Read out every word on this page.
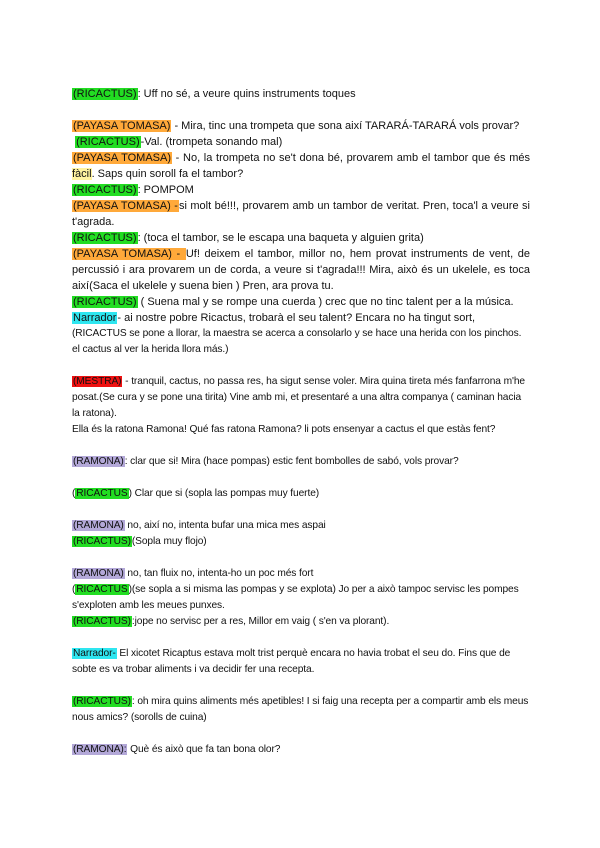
(RICACTUS): Uff no sé, a veure quins instruments toques

(PAYASA TOMASA) - Mira, tinc una trompeta que sona així TARARÁ-TARARÁ vols provar?

(RICACTUS)-Val. (trompeta sonando mal)

(PAYASA TOMASA) - No, la trompeta no se't dona bé, provarem amb el tambor que és més fàcil. Saps quin soroll fa el tambor?

(RICACTUS): POMPOM

(PAYASA TOMASA) -si molt bé!!!, provarem amb un tambor de veritat. Pren, toca'l a veure si t'agrada.

(RICACTUS): (toca el tambor, se le escapa una baqueta y alguien grita)

(PAYASA TOMASA) - Uf! deixem el tambor, millor no, hem provat instruments de vent, de percussió i ara provarem un de corda, a veure si t'agrada!!! Mira, això és un ukelele, es toca així(Saca el ukelele y suena bien ) Pren, ara prova tu.

(RICACTUS) ( Suena mal y se rompe una cuerda ) crec que no tinc talent per a la música.

Narrador- ai nostre pobre Ricactus, trobarà el seu talent? Encara no ha tingut sort,

(RICACTUS se pone a llorar, la maestra se acerca a consolarlo y se hace una herida con los pinchos. el cactus al ver la herida llora más.)

(MESTRA) - tranquil, cactus, no passa res, ha sigut sense voler. Mira quina tireta més fanfarrona m'he posat.(Se cura y se pone una tirita) Vine amb mi, et presentaré a una altra companya ( caminan hacia la ratona).

Ella és la ratona Ramona! Qué fas ratona Ramona? li pots ensenyar a cactus el que estàs fent?

(RAMONA): clar que si! Mira (hace pompas) estic fent bombolles de sabó, vols provar?

(RICACTUS) Clar que si (sopla las pompas muy fuerte)

(RAMONA) no, així no, intenta bufar una mica mes aspai

(RICACTUS)(Sopla muy flojo)

(RAMONA) no, tan fluix no, intenta-ho un poc més fort

(RICACTUS)(se sopla a si misma las pompas y se explota) Jo per a això tampoc servisc les pompes s'exploten amb les meues punxes.

(RICACTUS):jope no servisc per a res, Millor em vaig ( s'en va plorant).

Narrador- El xicotet Ricaptus estava molt trist perquè encara no havia trobat el seu do. Fins que de sobte es va trobar aliments i va decidir fer una recepta.

(RICACTUS): oh mira quins aliments més apetibles! I si faig una recepta per a compartir amb els meus nous amics? (sorolls de cuina)

(RAMONA): Què és això que fa tan bona olor?
